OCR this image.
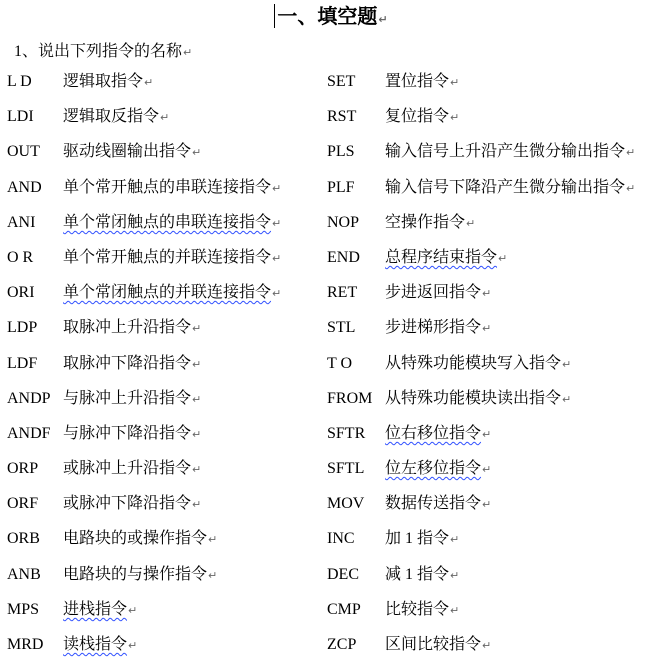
一、填空题↵
1、说出下列指令的名称↵
L D 逻辑取指令↵
LDI 逻辑取反指令↵
OUT 驱动线圈输出指令↵
AND 单个常开触点的串联连接指令↵
ANI 单个常闭触点的串联连接指令↵
O R 单个常开触点的并联连接指令↵
ORI 单个常闭触点的并联连接指令↵
LDP 取脉冲上升沿指令↵
LDF 取脉冲下降沿指令↵
ANDP 与脉冲上升沿指令↵
ANDF 与脉冲下降沿指令↵
ORP 或脉冲上升沿指令↵
ORF 或脉冲下降沿指令↵
ORB 电路块的或操作指令↵
ANB 电路块的与操作指令↵
MPS 进栈指令↵
MRD 读栈指令↵
SET 置位指令↵
RST 复位指令↵
PLS 输入信号上升沿产生微分输出指令↵
PLF 输入信号下降沿产生微分输出指令↵
NOP 空操作指令↵
END 总程序结束指令↵
RET 步进返回指令↵
STL 步进梯形指令↵
T O 从特殊功能模块写入指令↵
FROM 从特殊功能模块读出指令↵
SFTR 位右移位指令↵
SFTL 位左移位指令↵
MOV 数据传送指令↵
INC 加 1 指令↵
DEC 减 1 指令↵
CMP 比较指令↵
ZCP 区间比较指令↵
